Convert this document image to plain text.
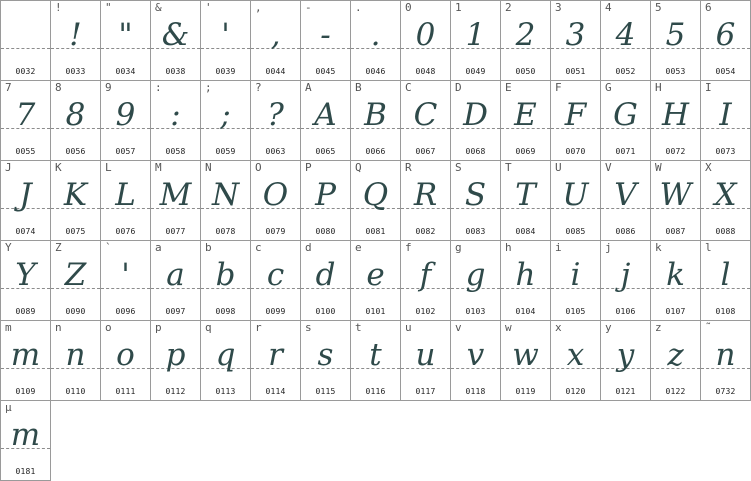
0032
!
!
0033
"
"
0034
&
&
0038
'
'
0039
,
,
0044
-
-
0045
.
.
0046
0
0
0048
1
1
0049
2
2
0050
3
3
0051
4
4
0052
5
5
0053
6
6
0054
7
7
0055
8
8
0056
9
9
0057
:
:
0058
;
;
0059
?
?
0063
A
A
0065
B
B
0066
C
C
0067
D
D
0068
E
E
0069
F
F
0070
G
G
0071
H
H
0072
I
I
0073
J
J
0074
K
K
0075
L
L
0076
M
M
0077
N
N
0078
O
O
0079
P
P
0080
Q
Q
0081
R
R
0082
S
S
0083
T
T
0084
U
U
0085
V
V
0086
W
W
0087
X
X
0088
Y
Y
0089
Z
Z
0090
`
'
0096
a
a
0097
b
b
0098
c
c
0099
d
d
0100
e
e
0101
f
f
0102
g
g
0103
h
h
0104
i
i
0105
j
j
0106
k
k
0107
l
l
0108
m
m
0109
n
n
0110
o
o
0111
p
p
0112
q
q
0113
r
r
0114
s
s
0115
t
t
0116
u
u
0117
v
v
0118
w
w
0119
x
x
0120
y
y
0121
z
z
0122
˜
n
0732
µ
m
0181
